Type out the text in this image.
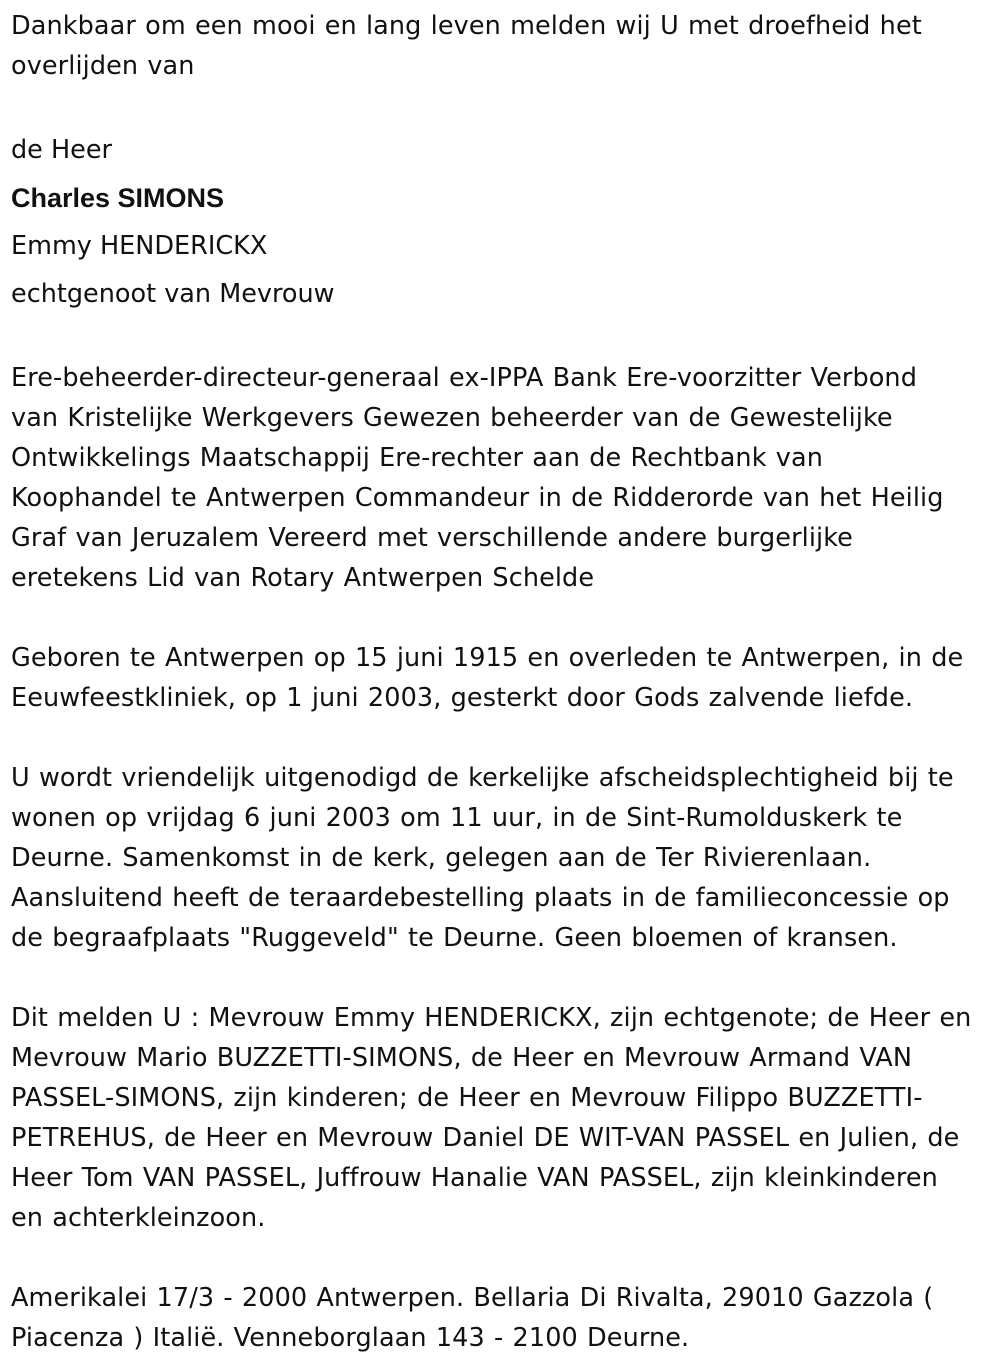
Dankbaar om een mooi en lang leven melden wij U met droefheid het
overlijden van

de Heer

Charles SIMONS

Emmy HENDERICKX

echtgenoot van Mevrouw

Ere-beheerder-directeur-generaal ex-IPPA Bank Ere-voorzitter Verbond
van Kristelijke Werkgevers Gewezen beheerder van de Gewestelijke
Ontwikkelings Maatschappij Ere-rechter aan de Rechtbank van
Koophandel te Antwerpen Commandeur in de Ridderorde van het Heilig
Graf van Jeruzalem Vereerd met verschillende andere burgerlijke
eretekens Lid van Rotary Antwerpen Schelde

Geboren te Antwerpen op 15 juni 1915 en overleden te Antwerpen, in de
Eeuwfeestkliniek, op 1 juni 2003, gesterkt door Gods zalvende liefde.

U wordt vriendelijk uitgenodigd de kerkelijke afscheidsplechtigheid bij te
wonen op vrijdag 6 juni 2003 om 11 uur, in de Sint-Rumolduskerk te
Deurne. Samenkomst in de kerk, gelegen aan de Ter Rivierenlaan.
Aansluitend heeft de teraardebestelling plaats in de familieconcessie op
de begraafplaats "Ruggeveld" te Deurne. Geen bloemen of kransen.

Dit melden U : Mevrouw Emmy HENDERICKX, zijn echtgenote; de Heer en
Mevrouw Mario BUZZETTI-SIMONS, de Heer en Mevrouw Armand VAN
PASSEL-SIMONS, zijn kinderen; de Heer en Mevrouw Filippo BUZZETTI-
PETREHUS, de Heer en Mevrouw Daniel DE WIT-VAN PASSEL en Julien, de
Heer Tom VAN PASSEL, Juffrouw Hanalie VAN PASSEL, zijn kleinkinderen
en achterkleinzoon.

Amerikalei 17/3 - 2000 Antwerpen. Bellaria Di Rivalta, 29010 Gazzola (
Piacenza ) Italië. Venneborglaan 143 - 2100 Deurne.
